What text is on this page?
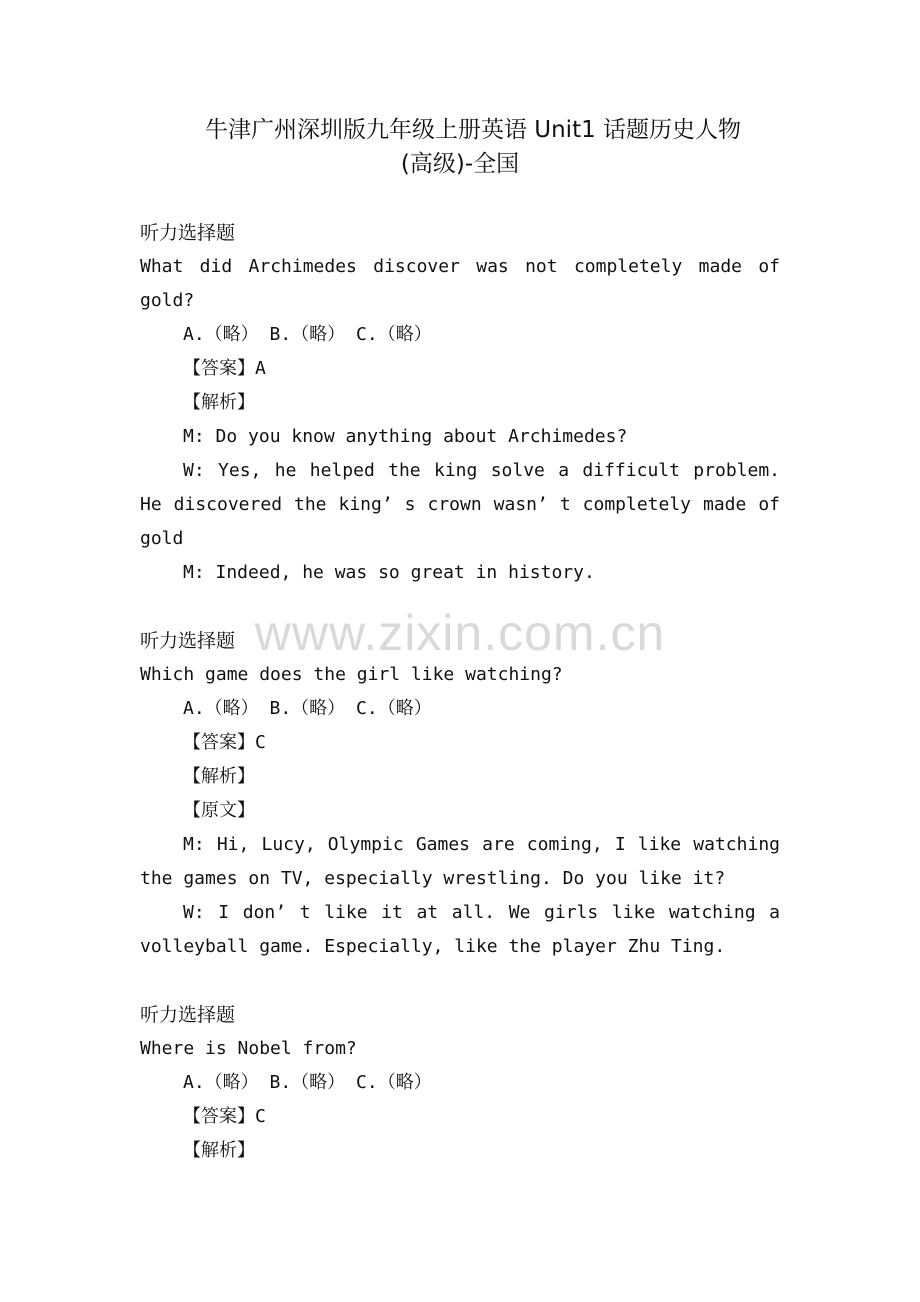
牛津广州深圳版九年级上册英语 Unit1 话题历史人物
(高级)-全国
www.zixin.com.cn
听力选择题
What did Archimedes discover was not completely made of
gold?
A.（略） B.（略） C.（略）
【答案】A
【解析】
M: Do you know anything about Archimedes?
W: Yes, he helped the king solve a difficult problem.
He discovered the king’ s crown wasn’ t completely made of
gold
M: Indeed, he was so great in history.
听力选择题
Which game does the girl like watching?
A.（略） B.（略） C.（略）
【答案】C
【解析】
【原文】
M: Hi, Lucy, Olympic Games are coming, I like watching
the games on TV, especially wrestling. Do you like it?
W: I don’ t like it at all. We girls like watching a
volleyball game. Especially, like the player Zhu Ting.
听力选择题
Where is Nobel from?
A.（略） B.（略） C.（略）
【答案】C
【解析】
